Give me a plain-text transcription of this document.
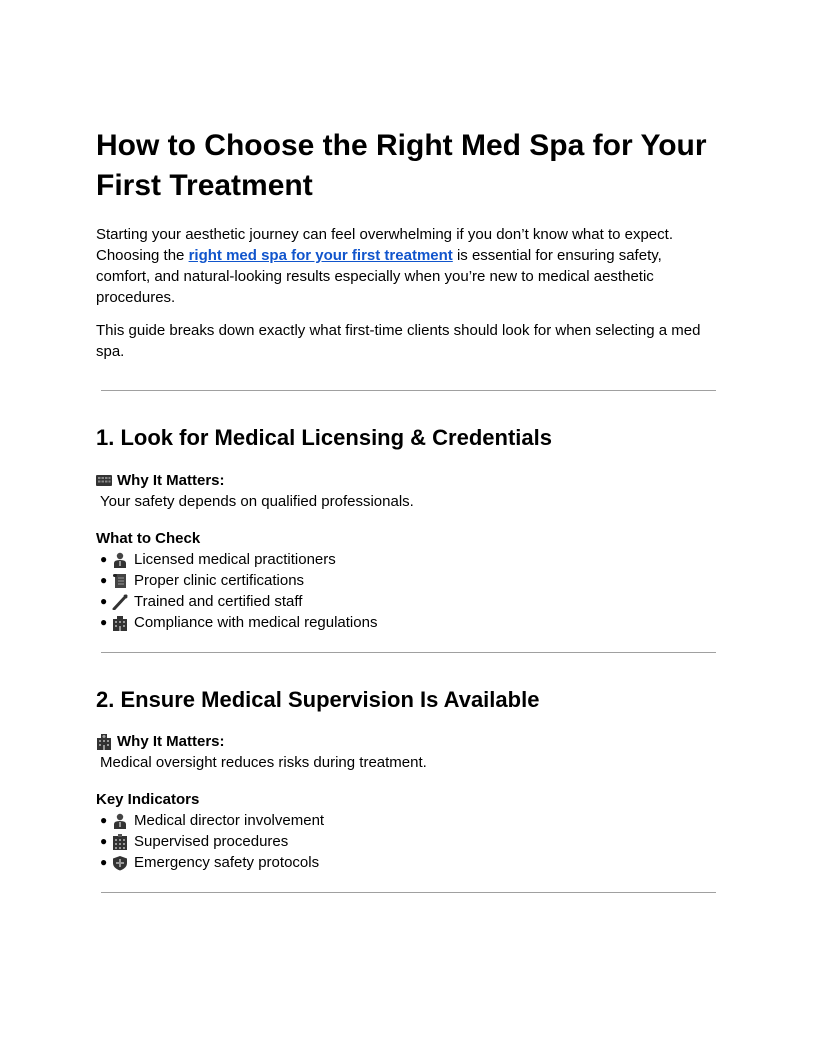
How to Choose the Right Med Spa for Your First Treatment

Starting your aesthetic journey can feel overwhelming if you don’t know what to expect. Choosing the right med spa for your first treatment is essential for ensuring safety, comfort, and natural-looking results especially when you’re new to medical aesthetic procedures.

This guide breaks down exactly what first-time clients should look for when selecting a med spa.

1. Look for Medical Licensing & Credentials
Why It Matters:
Your safety depends on qualified professionals.
What to Check
●	Licensed medical practitioners
●	Proper clinic certifications
●	Trained and certified staff
●	Compliance with medical regulations
2. Ensure Medical Supervision Is Available
Why It Matters:
Medical oversight reduces risks during treatment.
Key Indicators
●	Medical director involvement
●	Supervised procedures
●	Emergency safety protocols
